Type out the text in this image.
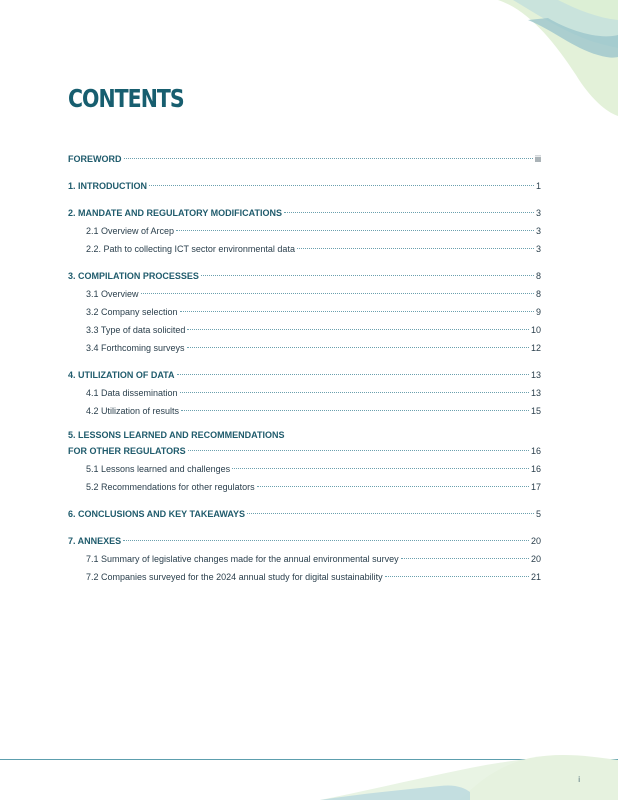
CONTENTS
FOREWORD	iii
1. INTRODUCTION	1
2. MANDATE AND REGULATORY MODIFICATIONS	3
2.1 Overview of Arcep	3
2.2. Path to collecting ICT sector environmental data	3
3. COMPILATION PROCESSES	8
3.1 Overview	8
3.2 Company selection	9
3.3 Type of data solicited	10
3.4 Forthcoming surveys	12
4. UTILIZATION OF DATA	13
4.1 Data dissemination	13
4.2 Utilization of results	15
5. LESSONS LEARNED AND RECOMMENDATIONS
FOR OTHER REGULATORS	16
5.1 Lessons learned and challenges	16
5.2 Recommendations for other regulators	17
6. CONCLUSIONS AND KEY TAKEAWAYS	5
7. ANNEXES	20
7.1 Summary of legislative changes made for the annual environmental survey	20
7.2 Companies surveyed for the 2024 annual study for digital sustainability	21
i
